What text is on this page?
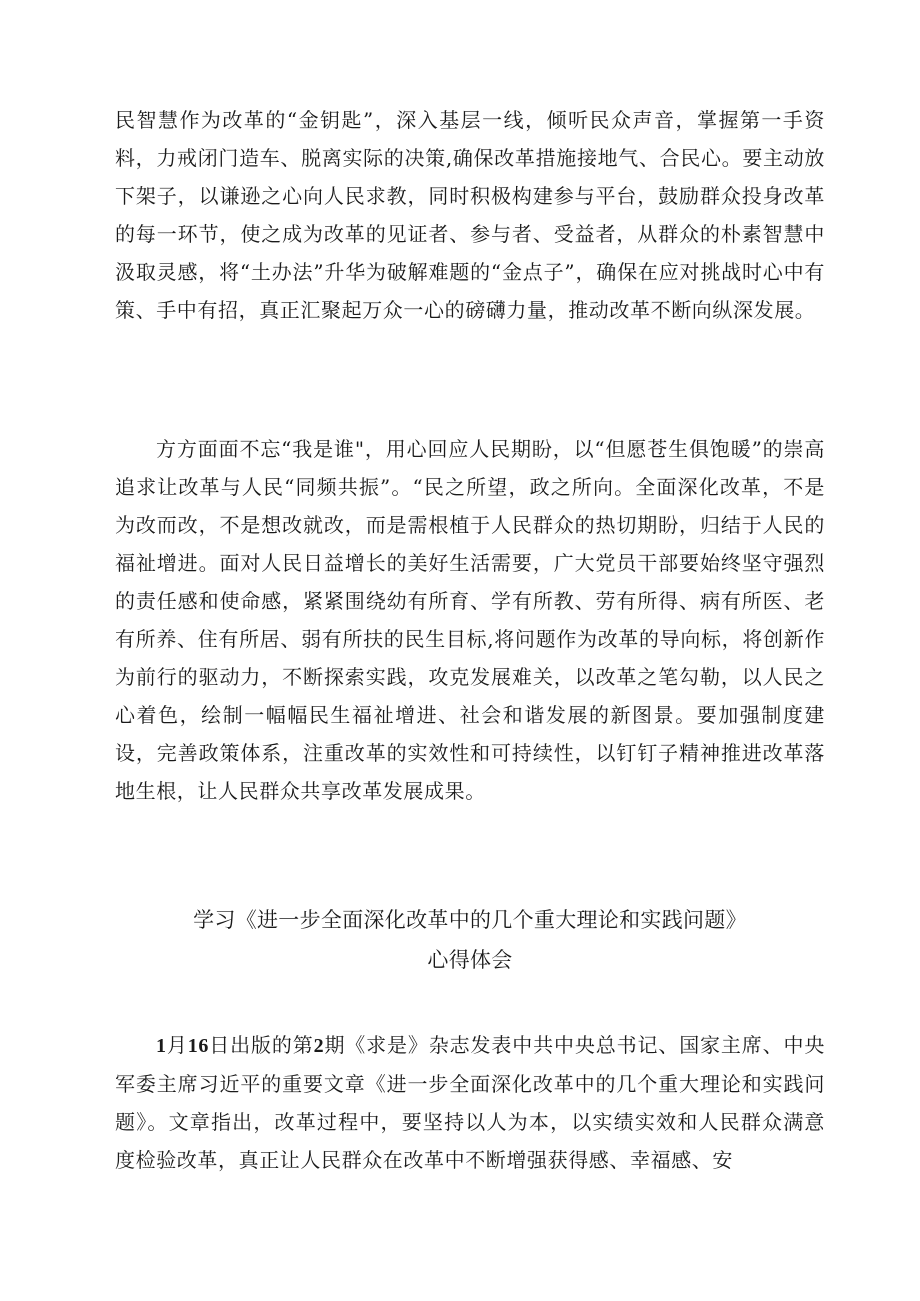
民智慧作为改革的“金钥匙”，深入基层一线，倾听民众声音，掌握第一手资料，力戒闭门造车、脱离实际的决策,确保改革措施接地气、合民心。要主动放下架子，以谦逊之心向人民求教，同时积极构建参与平台，鼓励群众投身改革的每一环节，使之成为改革的见证者、参与者、受益者，从群众的朴素智慧中汲取灵感，将“土办法”升华为破解难题的“金点子”，确保在应对挑战时心中有策、手中有招，真正汇聚起万众一心的磅礴力量，推动改革不断向纵深发展。

方方面面不忘“我是谁"，用心回应人民期盼，以“但愿苍生俱饱暖”的崇高追求让改革与人民“同频共振”。“民之所望，政之所向。全面深化改革，不是为改而改，不是想改就改，而是需根植于人民群众的热切期盼，归结于人民的福祉增进。面对人民日益增长的美好生活需要，广大党员干部要始终坚守强烈的责任感和使命感，紧紧围绕幼有所育、学有所教、劳有所得、病有所医、老有所养、住有所居、弱有所扶的民生目标,将问题作为改革的导向标，将创新作为前行的驱动力，不断探索实践，攻克发展难关，以改革之笔勾勒，以人民之心着色，绘制一幅幅民生福祉增进、社会和谐发展的新图景。要加强制度建设，完善政策体系，注重改革的实效性和可持续性，以钉钉子精神推进改革落地生根，让人民群众共享改革发展成果。

学习《进一步全面深化改革中的几个重大理论和实践问题》
心得体会

1月16日出版的第2期《求是》杂志发表中共中央总书记、国家主席、中央军委主席习近平的重要文章《进一步全面深化改革中的几个重大理论和实践问题》。文章指出，改革过程中，要坚持以人为本，以实绩实效和人民群众满意度检验改革，真正让人民群众在改革中不断增强获得感、幸福感、安
